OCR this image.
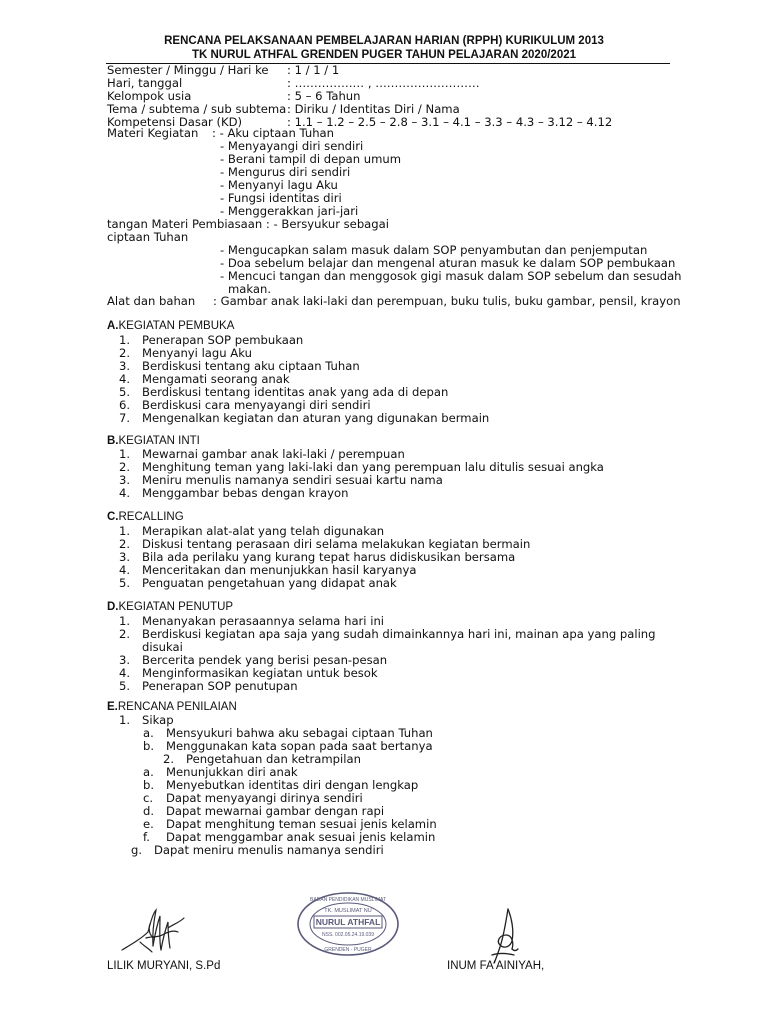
RENCANA PELAKSANAAN PEMBELAJARAN HARIAN (RPPH) KURIKULUM 2013
TK NURUL ATHFAL GRENDEN PUGER TAHUN PELAJARAN 2020/2021
Semester / Minggu / Hari ke : 1 / 1 / 1
Hari, tanggal	: ……………… , ………………………
Kelompok usia	: 5 – 6 Tahun
Tema / subtema / sub subtema : Diriku / Identitas Diri / Nama
Kompetensi Dasar (KD)	: 1.1 – 1.2 – 2.5 – 2.8 – 3.1 – 4.1 – 3.3 – 4.3 – 3.12 – 4.12
Materi Kegiatan : - Aku ciptaan Tuhan
- Menyayangi diri sendiri
- Berani tampil di depan umum
- Mengurus diri sendiri
- Menyanyi lagu Aku
- Fungsi identitas diri
- Menggerakkan jari-jari
tangan Materi Pembiasaan : - Bersyukur sebagai
ciptaan Tuhan
- Mengucapkan salam masuk dalam SOP penyambutan dan penjemputan
- Doa sebelum belajar dan mengenal aturan masuk ke dalam SOP pembukaan
- Mencuci tangan dan menggosok gigi masuk dalam SOP sebelum dan sesudah
makan.
Alat dan bahan : Gambar anak laki-laki dan perempuan, buku tulis, buku gambar, pensil, krayon
A.KEGIATAN PEMBUKA
1. Penerapan SOP pembukaan
2. Menyanyi lagu Aku
3. Berdiskusi tentang aku ciptaan Tuhan
4. Mengamati seorang anak
5. Berdiskusi tentang identitas anak yang ada di depan
6. Berdiskusi cara menyayangi diri sendiri
7. Mengenalkan kegiatan dan aturan yang digunakan bermain
B.KEGIATAN INTI
1. Mewarnai gambar anak laki-laki / perempuan
2. Menghitung teman yang laki-laki dan yang perempuan lalu ditulis sesuai angka
3. Meniru menulis namanya sendiri sesuai kartu nama
4. Menggambar bebas dengan krayon
C.RECALLING
1. Merapikan alat-alat yang telah digunakan
2. Diskusi tentang perasaan diri selama melakukan kegiatan bermain
3. Bila ada perilaku yang kurang tepat harus didiskusikan bersama
4. Menceritakan dan menunjukkan hasil karyanya
5. Penguatan pengetahuan yang didapat anak
D.KEGIATAN PENUTUP
1. Menanyakan perasaannya selama hari ini
2. Berdiskusi kegiatan apa saja yang sudah dimainkannya hari ini, mainan apa yang paling
disukai
3. Bercerita pendek yang berisi pesan-pesan
4. Menginformasikan kegiatan untuk besok
5. Penerapan SOP penutupan
E.RENCANA PENILAIAN
1. Sikap
a. Mensyukuri bahwa aku sebagai ciptaan Tuhan
b. Menggunakan kata sopan pada saat bertanya
2. Pengetahuan dan ketrampilan
a. Menunjukkan diri anak
b. Menyebutkan identitas diri dengan lengkap
c. Dapat menyayangi dirinya sendiri
d. Dapat mewarnai gambar dengan rapi
e. Dapat menghitung teman sesuai jenis kelamin
f. Dapat menggambar anak sesuai jenis kelamin
g. Dapat meniru menulis namanya sendiri
TK. MUSLIMAT NU
BADAN PENDIDIKAN MUSLIMAT
NURUL ATHFAL
NSS. 002.05.24.19.039
GRENDEN - PUGER
LILIK MURYANI, S.Pd	INUM FA'AINIYAH,
